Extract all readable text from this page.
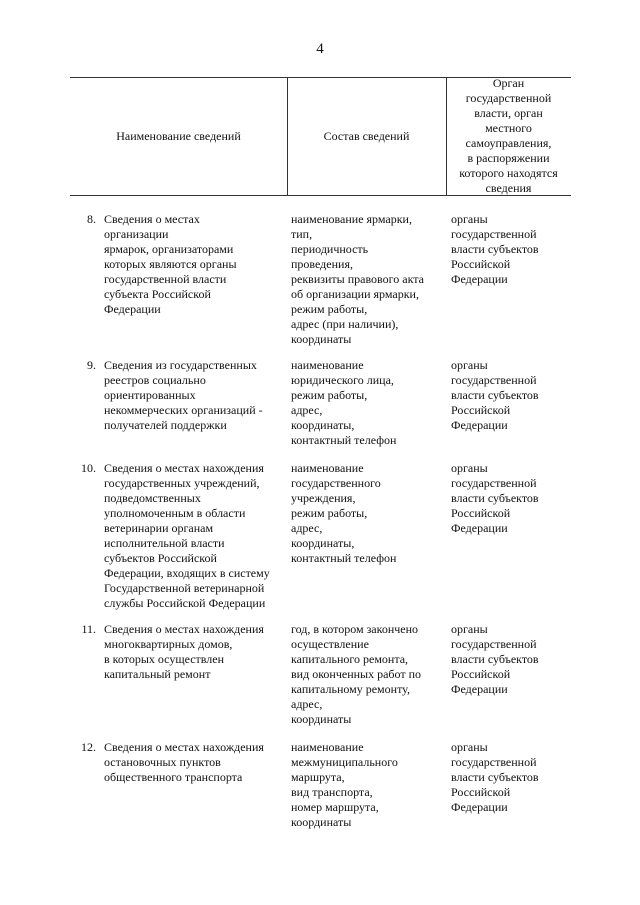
4
Наименование сведений	Состав сведений
Орган
государственной
власти, орган
местного
самоуправления,
в распоряжении
которого находятся
сведения
8. Сведения о местах
организации
ярмарок, организаторами
которых являются органы
государственной власти
субъекта Российской
Федерации
наименование ярмарки,
тип,
периодичность
проведения,
реквизиты правового акта
об организации ярмарки,
режим работы,
адрес (при наличии),
координаты
органы
государственной
власти субъектов
Российской
Федерации
9. Сведения из государственных
реестров социально
ориентированных
некоммерческих организаций -
получателей поддержки
наименование
юридического лица,
режим работы,
адрес,
координаты,
контактный телефон
органы
государственной
власти субъектов
Российской
Федерации
10. Сведения о местах нахождения
государственных учреждений,
подведомственных
уполномоченным в области
ветеринарии органам
исполнительной власти
субъектов Российской
Федерации, входящих в систему
Государственной ветеринарной
службы Российской Федерации
наименование
государственного
учреждения,
режим работы,
адрес,
координаты,
контактный телефон
органы
государственной
власти субъектов
Российской
Федерации
11. Сведения о местах нахождения
многоквартирных домов,
в которых осуществлен
капитальный ремонт
год, в котором закончено
осуществление
капитального ремонта,
вид оконченных работ по
капитальному ремонту,
адрес,
координаты
органы
государственной
власти субъектов
Российской
Федерации
12. Сведения о местах нахождения
остановочных пунктов
общественного транспорта
наименование
межмуниципального
маршрута,
вид транспорта,
номер маршрута,
координаты
органы
государственной
власти субъектов
Российской
Федерации
